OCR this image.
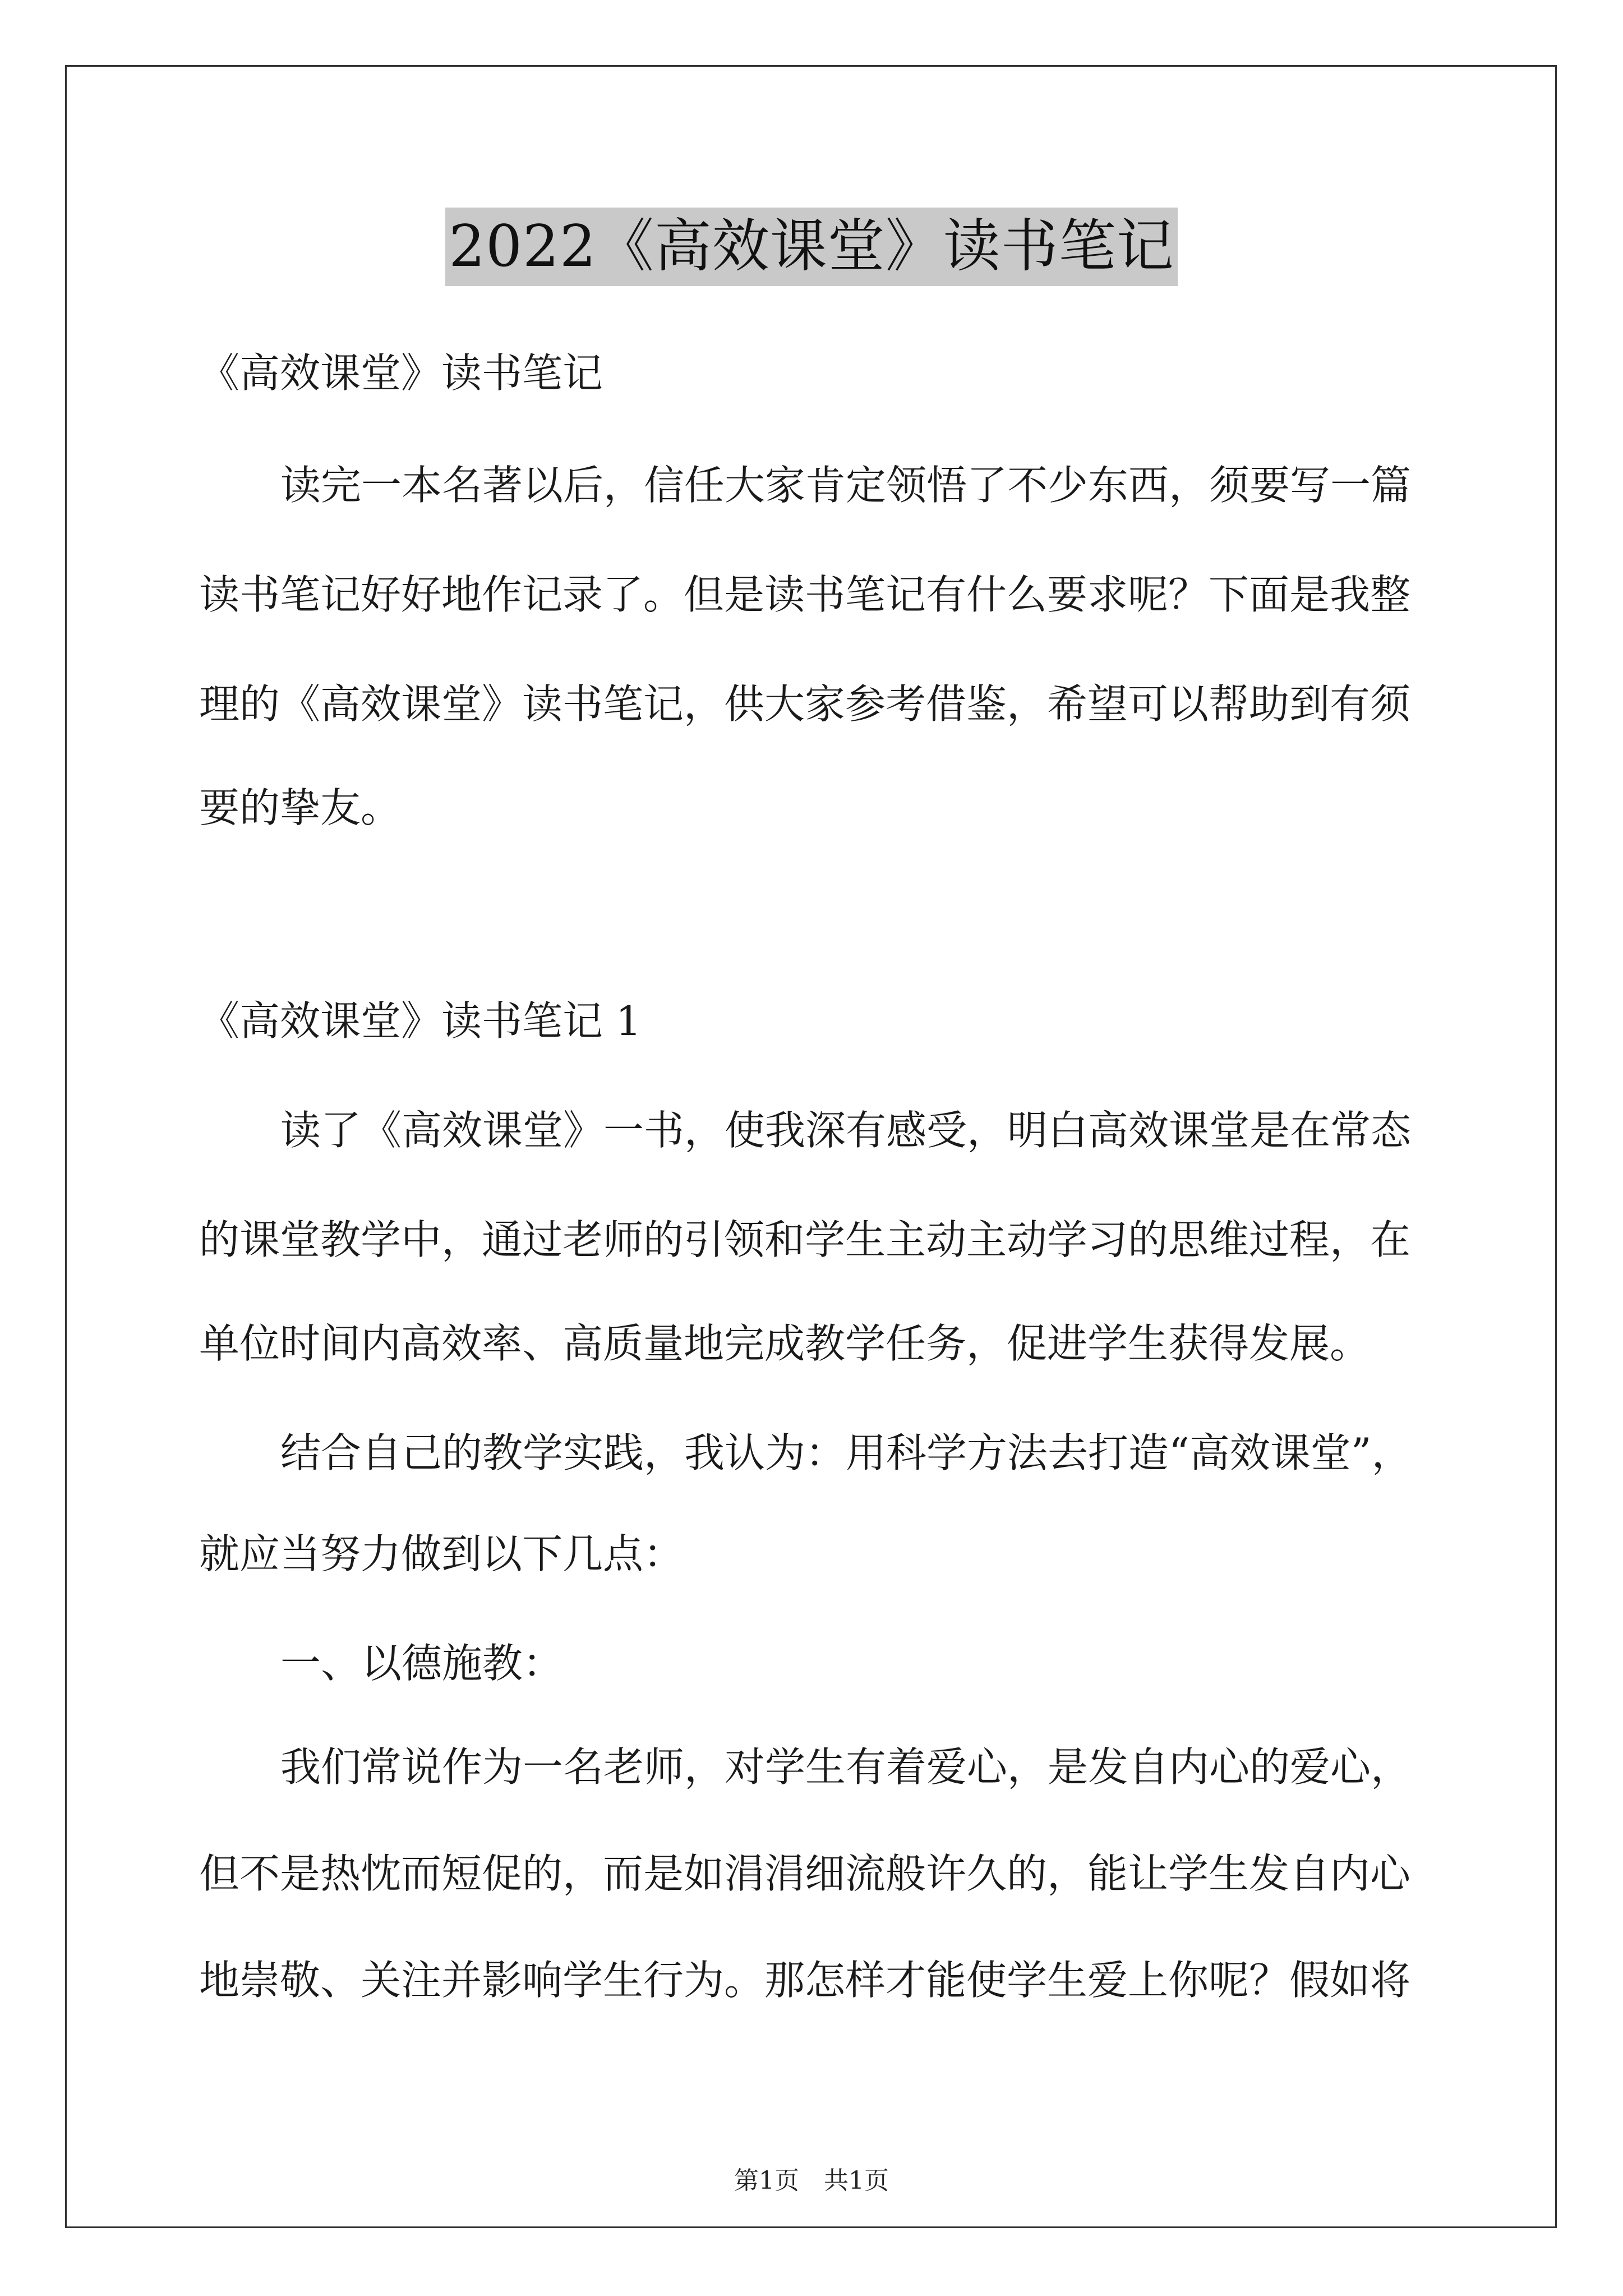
2022《高效课堂》读书笔记
《高效课堂》读书笔记
读完一本名著以后，信任大家肯定领悟了不少东西，须要写一篇
读书笔记好好地作记录了。但是读书笔记有什么要求呢？下面是我整
理的《高效课堂》读书笔记，供大家参考借鉴，希望可以帮助到有须
要的挚友。
《高效课堂》读书笔记 1
读了《高效课堂》一书，使我深有感受，明白高效课堂是在常态
的课堂教学中，通过老师的引领和学生主动主动学习的思维过程，在
单位时间内高效率、高质量地完成教学任务，促进学生获得发展。
结合自己的教学实践，我认为：用科学方法去打造“高效课堂”，
就应当努力做到以下几点：
一、以德施教：
我们常说作为一名老师，对学生有着爱心，是发自内心的爱心，
但不是热忱而短促的，而是如涓涓细流般许久的，能让学生发自内心
地崇敬、关注并影响学生行为。那怎样才能使学生爱上你呢？假如将
第1页　共1页
